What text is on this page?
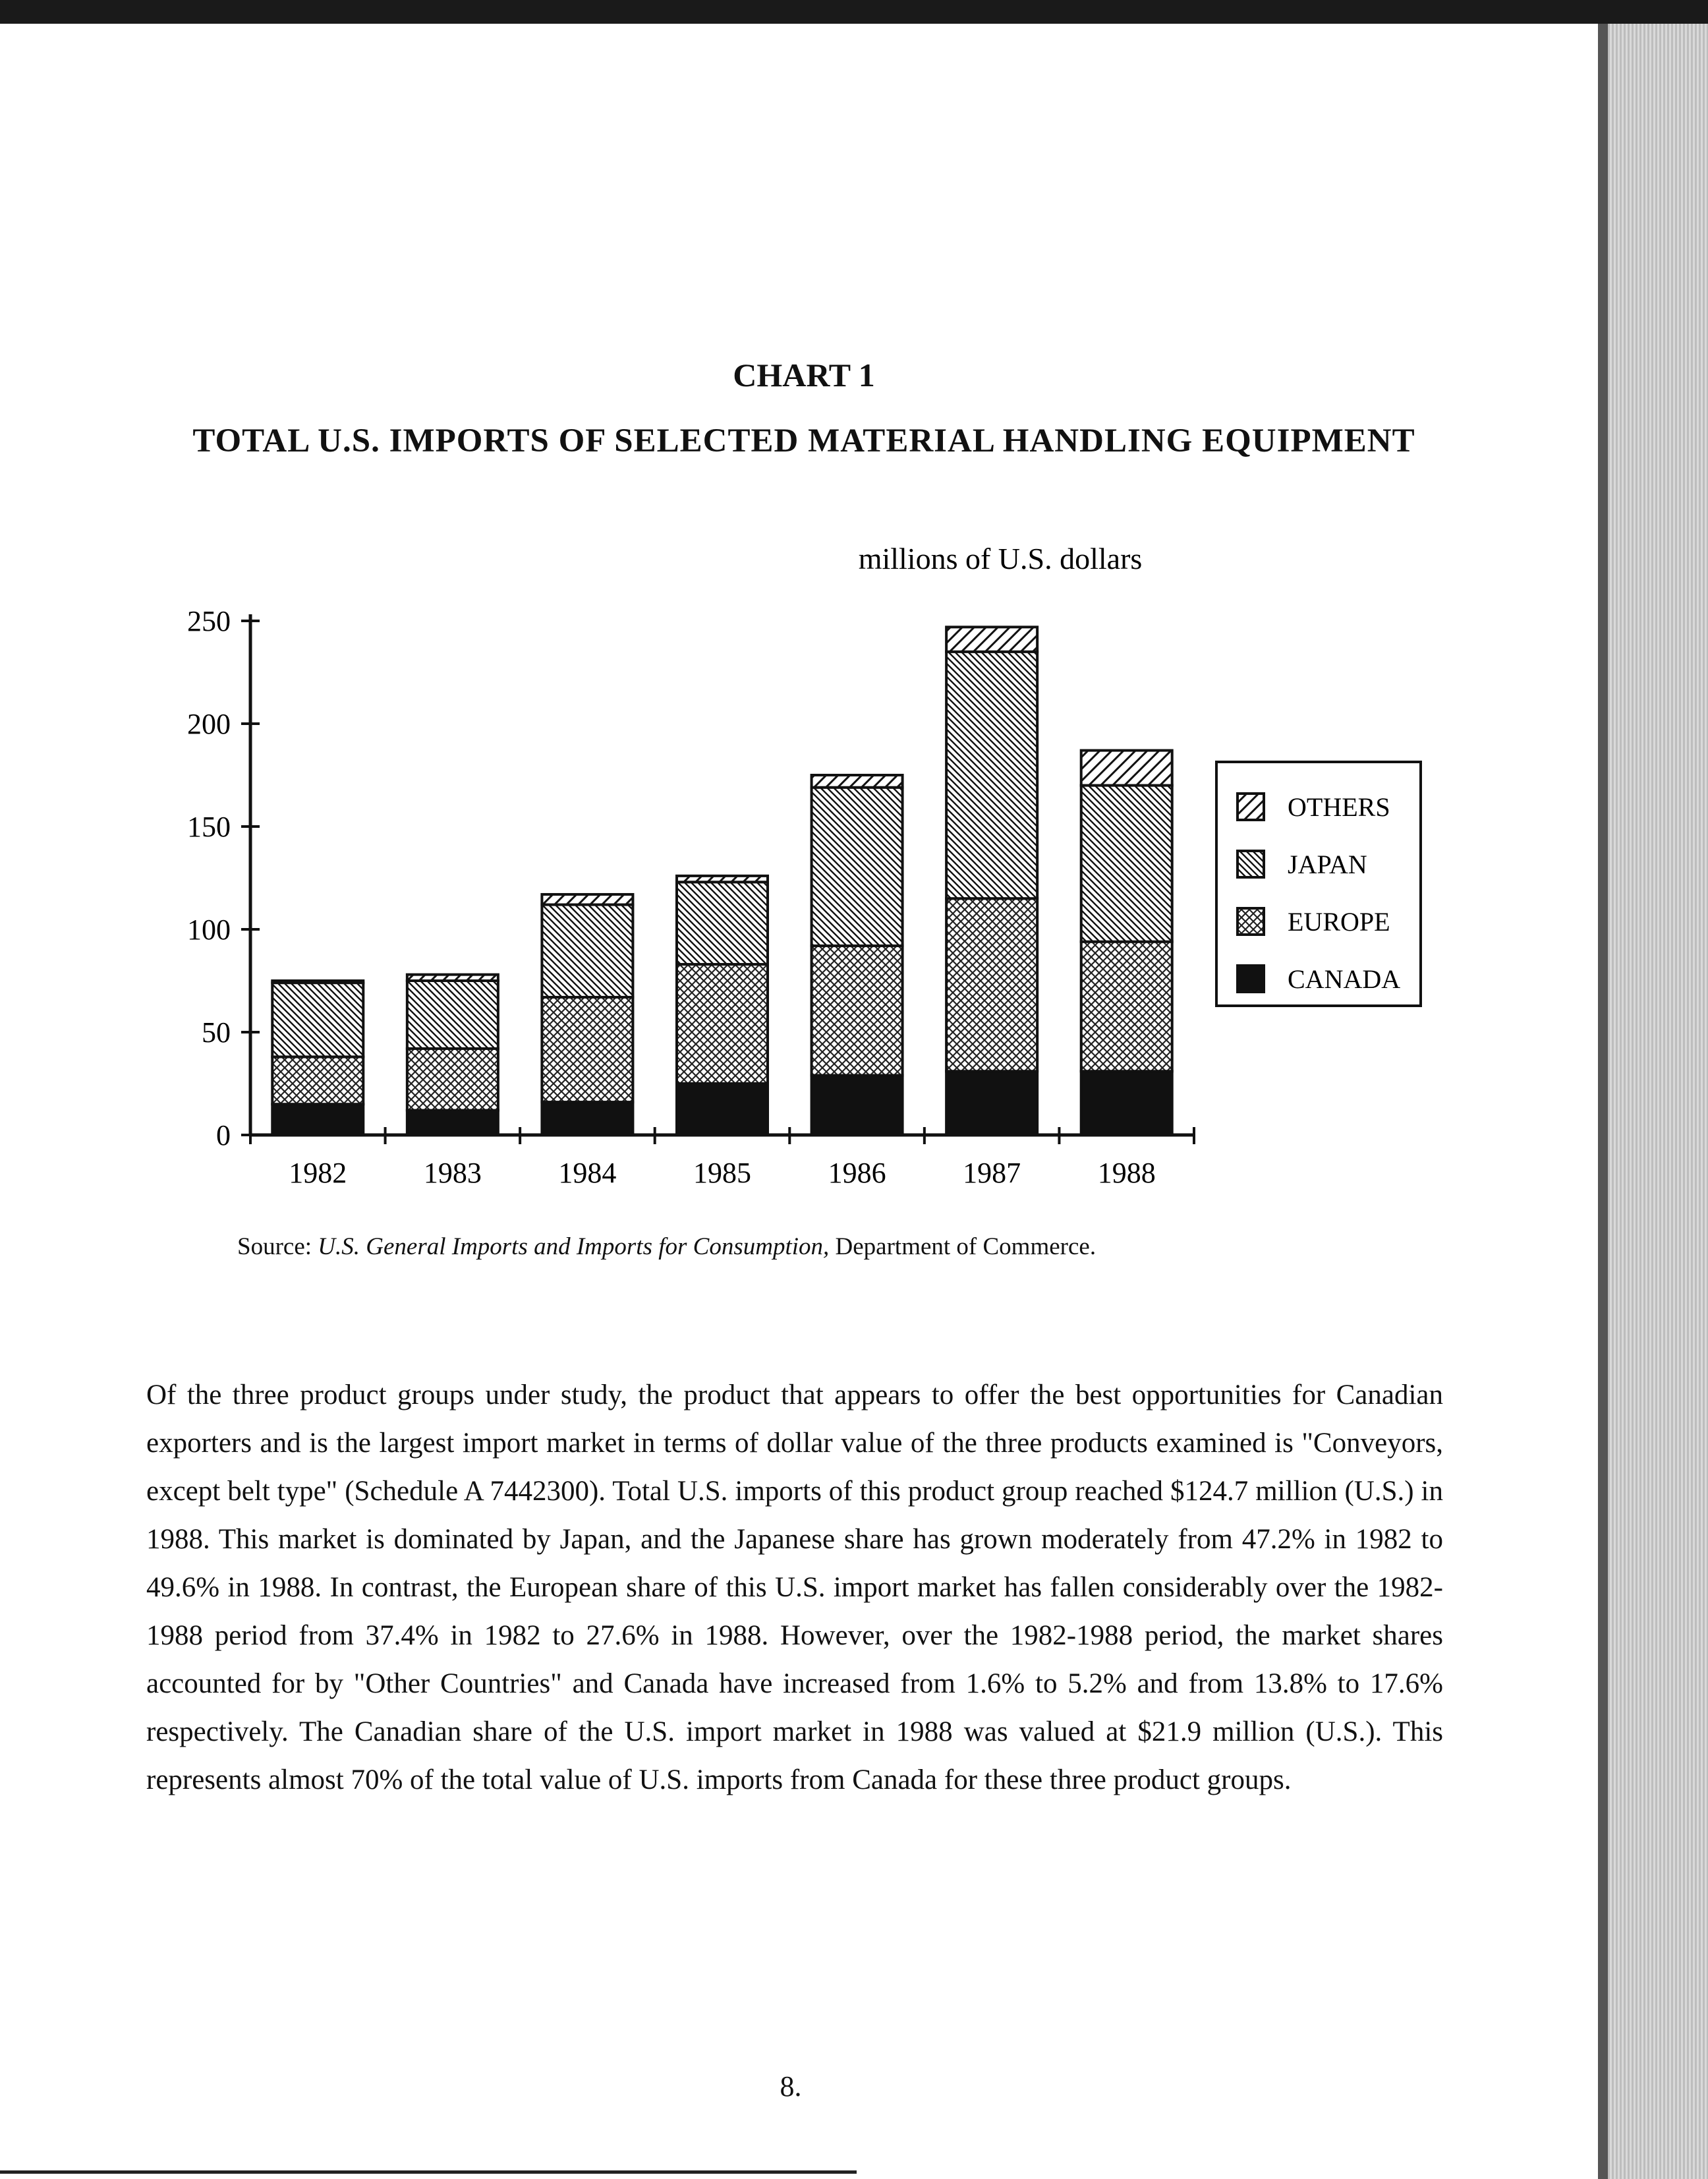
CHART 1
TOTAL U.S. IMPORTS OF SELECTED MATERIAL HANDLING EQUIPMENT
millions of U.S. dollars
0
50
100
150
200
250
1982	1983	1984	1985	1986	1987	1988
OTHERS
JAPAN
EUROPE
CANADA
Source: U.S. General Imports and Imports for Consumption, Department of Commerce.
Of the three product groups under study, the product that appears to offer the best opportunities for Canadian exporters and is the largest import market in terms of dollar value of the three products examined is "Conveyors, except belt type" (Schedule A 7442300). Total U.S. imports of this product group reached $124.7 million (U.S.) in 1988. This market is dominated by Japan, and the Japanese share has grown moderately from 47.2% in 1982 to 49.6% in 1988. In contrast, the European share of this U.S. import market has fallen considerably over the 1982-1988 period from 37.4% in 1982 to 27.6% in 1988. However, over the 1982-1988 period, the market shares accounted for by "Other Countries" and Canada have increased from 1.6% to 5.2% and from 13.8% to 17.6% respectively. The Canadian share of the U.S. import market in 1988 was valued at $21.9 million (U.S.). This represents almost 70% of the total value of U.S. imports from Canada for these three product groups.
8.
